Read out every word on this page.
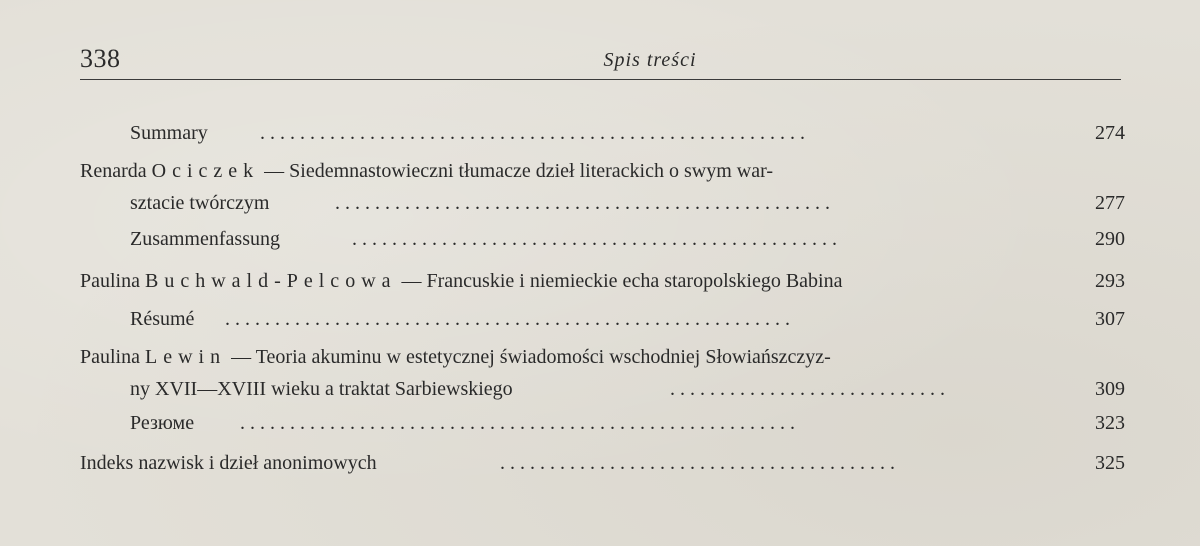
338	Spis treści
Summary	. . . . . . . . . . . . . . . . . . . . . . . . . . . . . . . . . . . . . . . . . . . . . . . . . . . . . . .	274
Renarda Ociczek — Siedemnastowieczni tłumacze dzieł literackich o swym war-
sztacie twórczym	. . . . . . . . . . . . . . . . . . . . . . . . . . . . . . . . . . . . . . . . . . . . . . . . . .	277
Zusammenfassung	. . . . . . . . . . . . . . . . . . . . . . . . . . . . . . . . . . . . . . . . . . . . . . . . .	290
Paulina Buchwald-Pelcowa — Francuskie i niemieckie echa staropolskiego Babina	293
Résumé . . . . . . . . . . . . . . . . . . . . . . . . . . . . . . . . . . . . . . . . . . . . . . . . . . . . . . . . .	307
Paulina Lewin — Teoria akuminu w estetycznej świadomości wschodniej Słowiańszczyz-
ny XVII—XVIII wieku a traktat Sarbiewskiego	. . . . . . . . . . . . . . . . . . . . . . . . . . . .	309
Резюме . . . . . . . . . . . . . . . . . . . . . . . . . . . . . . . . . . . . . . . . . . . . . . . . . . . . . . . .	323
Indeks nazwisk i dzieł anonimowych	. . . . . . . . . . . . . . . . . . . . . . . . . . . . . . . . . . . . . . . .	325
